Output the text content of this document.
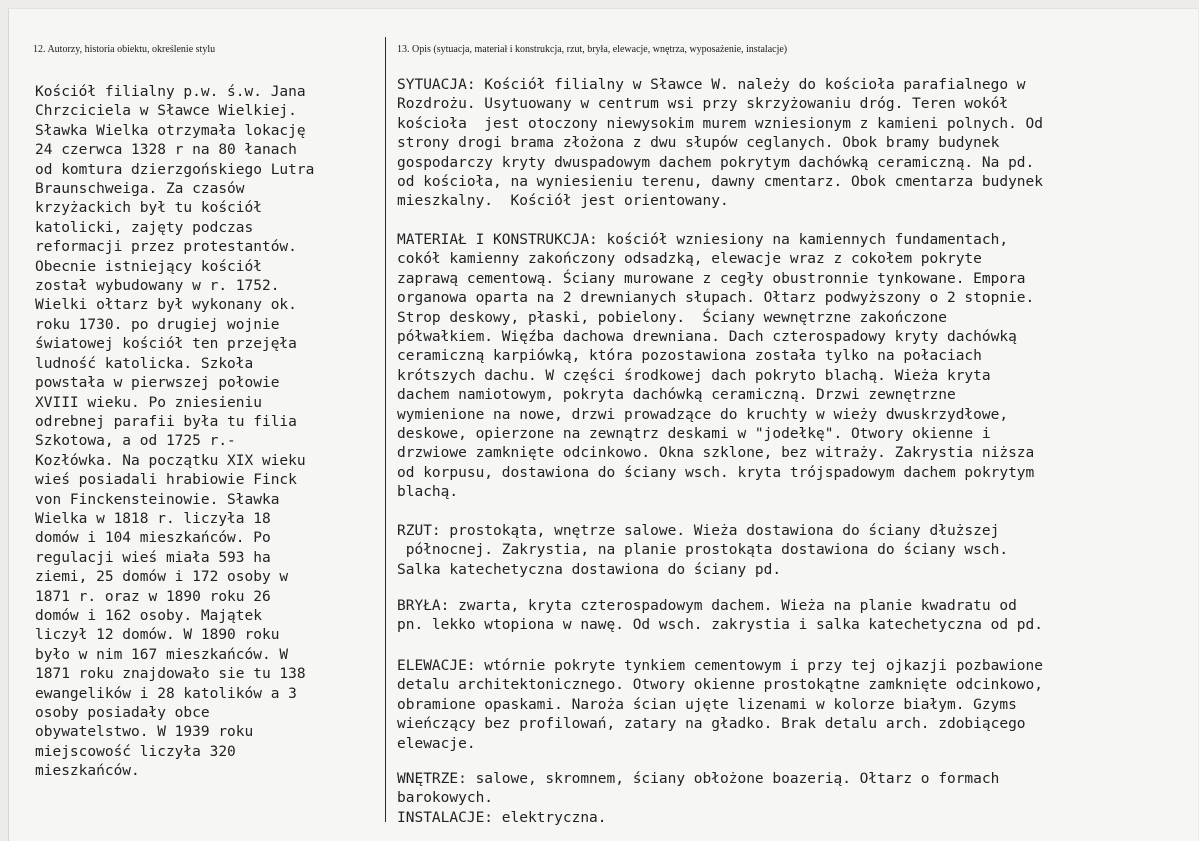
12. Autorzy, historia obiektu, określenie stylu	13. Opis (sytuacja, materiał i konstrukcja, rzut, bryła, elewacje, wnętrza, wyposażenie, instalacje)
Kościół filialny p.w. ś.w. Jana
Chrzciciela w Sławce Wielkiej.
Sławka Wielka otrzymała lokację
24 czerwca 1328 r na 80 łanach
od komtura dzierzgońskiego Lutra
Braunschweiga. Za czasów
krzyżackich był tu kościół
katolicki, zajęty podczas
reformacji przez protestantów.
Obecnie istniejący kościół
został wybudowany w r. 1752.
Wielki ołtarz był wykonany ok.
roku 1730. po drugiej wojnie
światowej kościół ten przejęła
ludność katolicka. Szkoła
powstała w pierwszej połowie
XVIII wieku. Po zniesieniu
odrebnej parafii była tu filia
Szkotowa, a od 1725 r.-
Kozłówka. Na początku XIX wieku
wieś posiadali hrabiowie Finck
von Finckensteinowie. Sławka
Wielka w 1818 r. liczyła 18
domów i 104 mieszkańców. Po
regulacji wieś miała 593 ha
ziemi, 25 domów i 172 osoby w
1871 r. oraz w 1890 roku 26
domów i 162 osoby. Majątek
liczył 12 domów. W 1890 roku
było w nim 167 mieszkańców. W
1871 roku znajdowało sie tu 138
ewangelików i 28 katolików a 3
osoby posiadały obce
obywatelstwo. W 1939 roku
miejscowość liczyła 320
mieszkańców.
SYTUACJA: Kościół filialny w Sławce W. należy do kościoła parafialnego w
Rozdrożu. Usytuowany w centrum wsi przy skrzyżowaniu dróg. Teren wokół
kościoła  jest otoczony niewysokim murem wzniesionym z kamieni polnych. Od
strony drogi brama złożona z dwu słupów ceglanych. Obok bramy budynek
gospodarczy kryty dwuspadowym dachem pokrytym dachówką ceramiczną. Na pd.
od kościoła, na wyniesieniu terenu, dawny cmentarz. Obok cmentarza budynek
mieszkalny.  Kościół jest orientowany.
MATERIAŁ I KONSTRUKCJA: kościół wzniesiony na kamiennych fundamentach,
cokół kamienny zakończony odsadzką, elewacje wraz z cokołem pokryte
zaprawą cementową. Ściany murowane z cegły obustronnie tynkowane. Empora
organowa oparta na 2 drewnianych słupach. Ołtarz podwyższony o 2 stopnie.
Strop deskowy, płaski, pobielony.  Ściany wewnętrzne zakończone
półwałkiem. Więźba dachowa drewniana. Dach czterospadowy kryty dachówką
ceramiczną karpiówką, która pozostawiona została tylko na połaciach
krótszych dachu. W części środkowej dach pokryto blachą. Wieża kryta
dachem namiotowym, pokryta dachówką ceramiczną. Drzwi zewnętrzne
wymienione na nowe, drzwi prowadzące do kruchty w wieży dwuskrzydłowe,
deskowe, opierzone na zewnątrz deskami w "jodełkę". Otwory okienne i
drzwiowe zamknięte odcinkowo. Okna szklone, bez witraży. Zakrystia niższa
od korpusu, dostawiona do ściany wsch. kryta trójspadowym dachem pokrytym
blachą.
RZUT: prostokąta, wnętrze salowe. Wieża dostawiona do ściany dłuższej
północnej. Zakrystia, na planie prostokąta dostawiona do ściany wsch.
Salka katechetyczna dostawiona do ściany pd.
BRYŁA: zwarta, kryta czterospadowym dachem. Wieża na planie kwadratu od
pn. lekko wtopiona w nawę. Od wsch. zakrystia i salka katechetyczna od pd.
ELEWACJE: wtórnie pokryte tynkiem cementowym i przy tej ojkazji pozbawione
detalu architektonicznego. Otwory okienne prostokątne zamknięte odcinkowo,
obramione opaskami. Naroża ścian ujęte lizenami w kolorze białym. Gzyms
wieńczący bez profilowań, zatary na gładko. Brak detalu arch. zdobiącego
elewacje.
WNĘTRZE: salowe, skromnem, ściany obłożone boazerią. Ołtarz o formach
barokowych.
INSTALACJE: elektryczna.
